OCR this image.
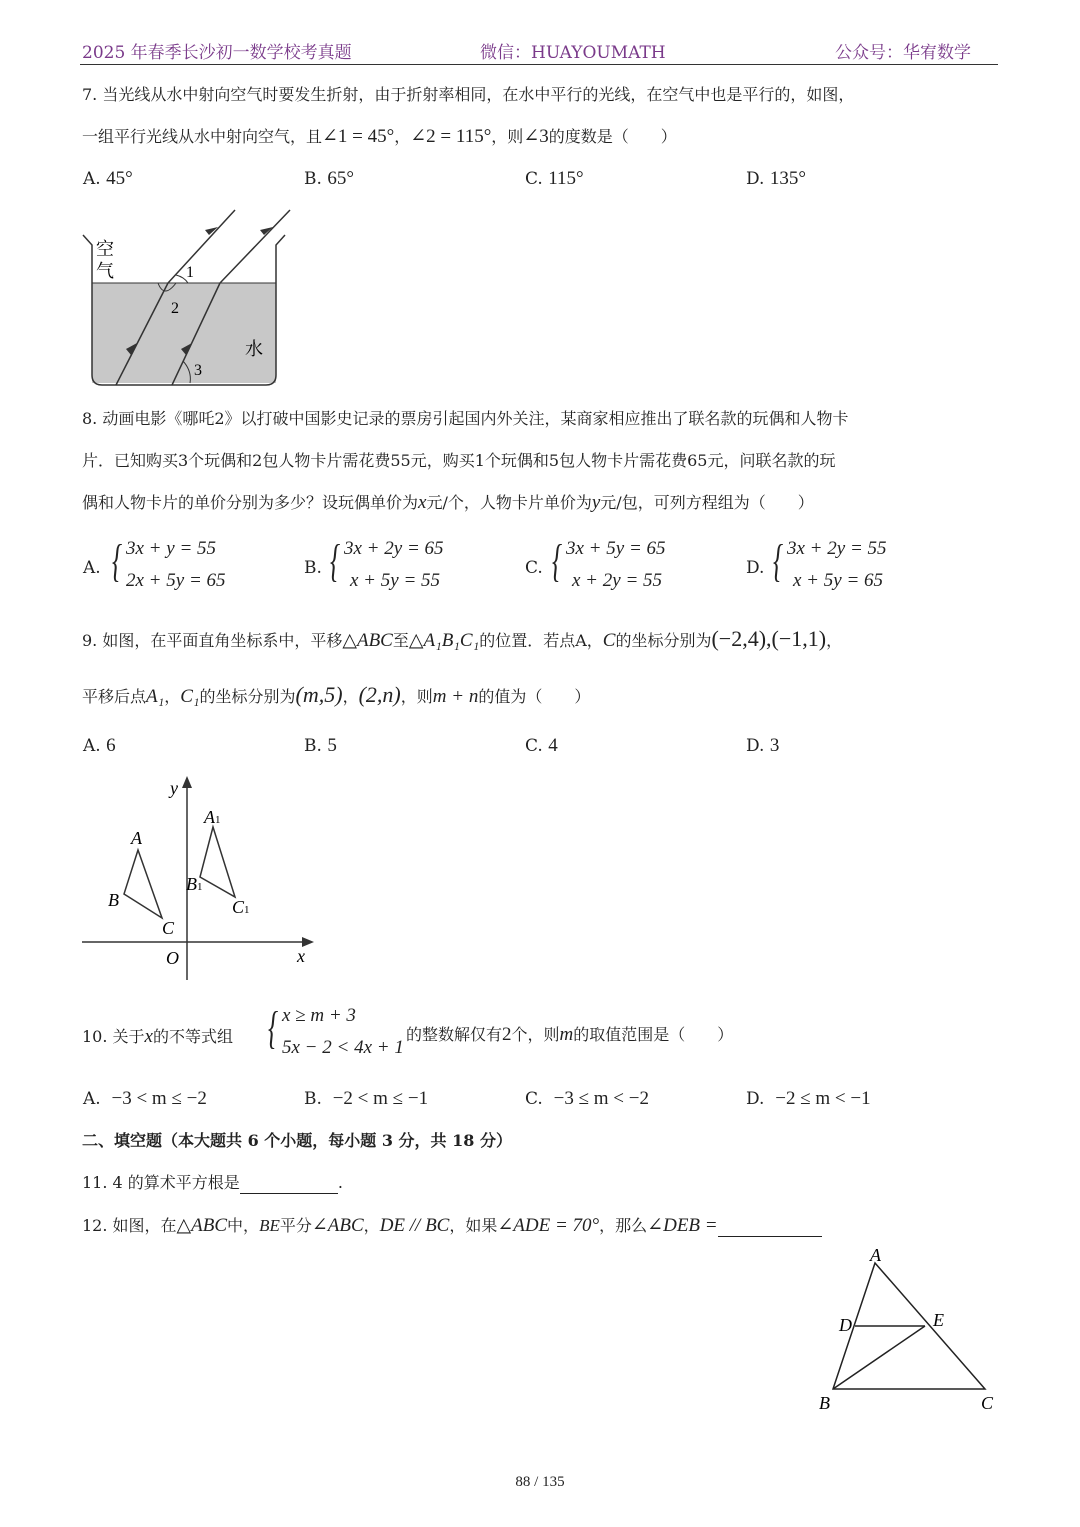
2025 年春季长沙初一数学校考真题	微信：HUAYOUMATH	公众号：华宥数学
7. 当光线从水中射向空气时要发生折射，由于折射率相同，在水中平行的光线，在空气中也是平行的，如图，
一组平行光线从水中射向空气，且∠1 = 45°，∠2 = 115°，则∠3的度数是（　　）
A. 45°	B. 65°	C. 115°	D. 135°
空
气
水
1
2
3
8. 动画电影《哪吒2》以打破中国影史记录的票房引起国内外关注，某商家相应推出了联名款的玩偶和人物卡
片．已知购买3个玩偶和2包人物卡片需花费55元，购买1个玩偶和5包人物卡片需花费65元，问联名款的玩
偶和人物卡片的单价分别为多少？设玩偶单价为x元/个，人物卡片单价为y元/包，可列方程组为（　　）
A. { 3x + y = 55
2x + 5y = 65
B. { 3x + 2y = 65
x + 5y = 55
C. { 3x + 5y = 65
x + 2y = 55
D. { 3x + 2y = 55
x + 5y = 65
9. 如图，在平面直角坐标系中，平移△ABC至△A₁B₁C₁的位置．若点A，C的坐标分别为(−2,4),(−1,1)，
平移后点A₁，C₁的坐标分别为(m,5)，(2,n)，则m + n的值为（　　）
A. 6	B. 5	C. 4	D. 3
y
x
O
A
B
C
A1
B1
C1
10. 关于x的不等式组 { x ≥ m + 3
5x − 2 < 4x + 1
的整数解仅有2个，则m的取值范围是（　　）
A. −3 < m ≤ −2	B. −2 < m ≤ −1	C. −3 ≤ m < −2	D. −2 ≤ m < −1
二、填空题（本大题共 6 个小题，每小题 3 分，共 18 分）
11. 4 的算术平方根是	.
12. 如图，在△ABC中，BE平分∠ABC，DE // BC，如果∠ADE = 70°，那么∠DEB =
A
D	E
B	C
88 / 135
